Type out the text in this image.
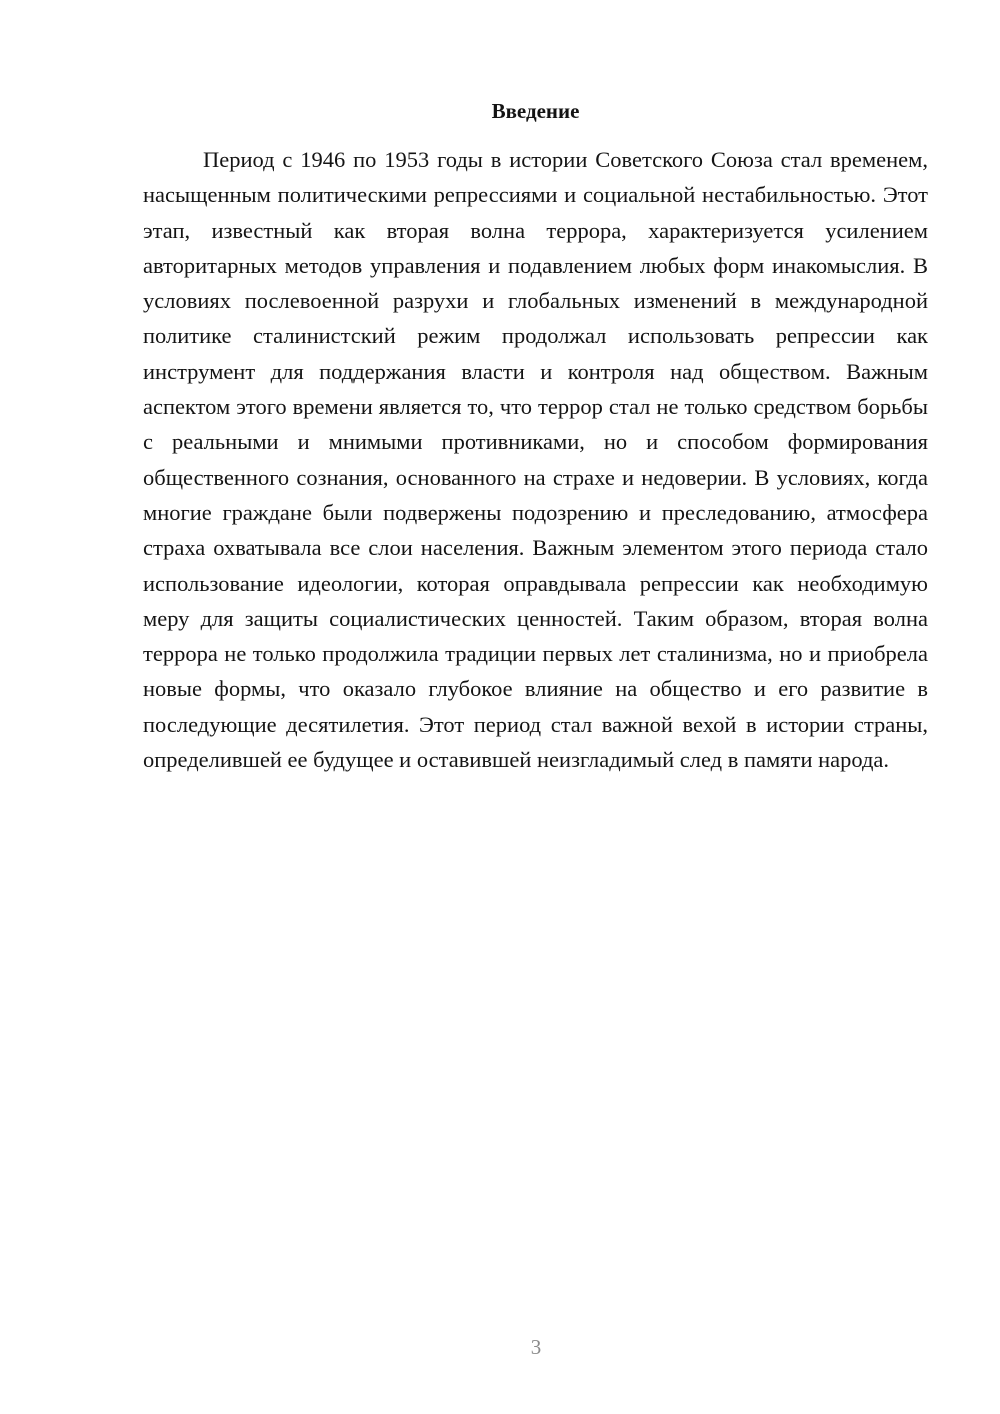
Введение

Период с 1946 по 1953 годы в истории Советского Союза стал временем, насыщенным политическими репрессиями и социальной нестабильностью. Этот этап, известный как вторая волна террора, характеризуется усилением авторитарных методов управления и подавлением любых форм инакомыслия. В условиях послевоенной разрухи и глобальных изменений в международной политике сталинистский режим продолжал использовать репрессии как инструмент для поддержания власти и контроля над обществом. Важным аспектом этого времени является то, что террор стал не только средством борьбы с реальными и мнимыми противниками, но и способом формирования общественного сознания, основанного на страхе и недоверии. В условиях, когда многие граждане были подвержены подозрению и преследованию, атмосфера страха охватывала все слои населения. Важным элементом этого периода стало использование идеологии, которая оправдывала репрессии как необходимую меру для защиты социалистических ценностей. Таким образом, вторая волна террора не только продолжила традиции первых лет сталинизма, но и приобрела новые формы, что оказало глубокое влияние на общество и его развитие в последующие десятилетия. Этот период стал важной вехой в истории страны, определившей ее будущее и оставившей неизгладимый след в памяти народа.

3
